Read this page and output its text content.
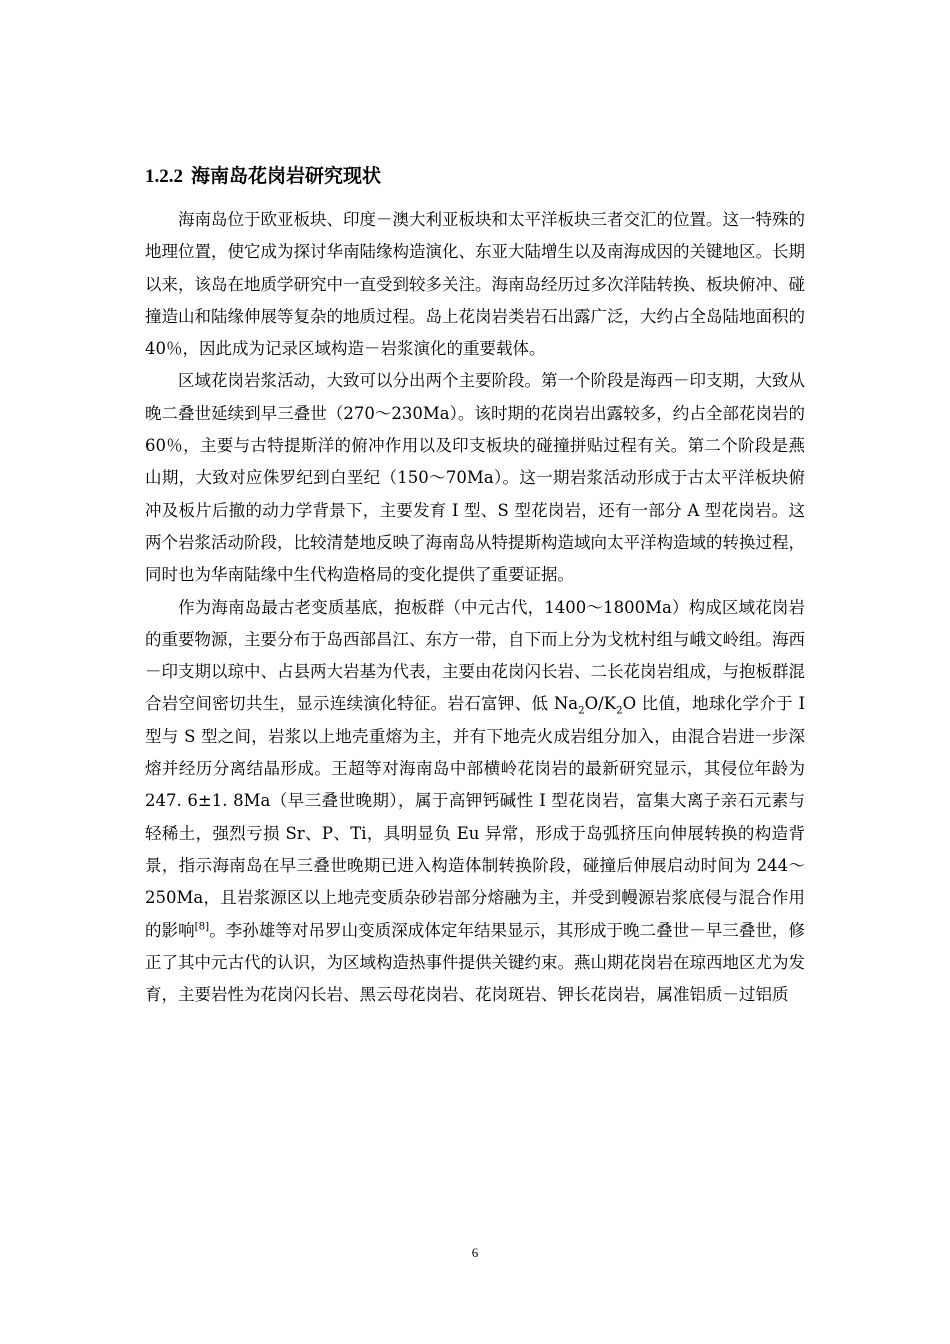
1.2.2 海南岛花岗岩研究现状

海南岛位于欧亚板块、印度－澳大利亚板块和太平洋板块三者交汇的位置。这一特殊的地理位置，使它成为探讨华南陆缘构造演化、东亚大陆增生以及南海成因的关键地区。长期以来，该岛在地质学研究中一直受到较多关注。海南岛经历过多次洋陆转换、板块俯冲、碰撞造山和陆缘伸展等复杂的地质过程。岛上花岗岩类岩石出露广泛，大约占全岛陆地面积的 40％，因此成为记录区域构造－岩浆演化的重要载体。

区域花岗岩浆活动，大致可以分出两个主要阶段。第一个阶段是海西－印支期，大致从晚二叠世延续到早三叠世（270～230Ma）。该时期的花岗岩出露较多，约占全部花岗岩的 60％，主要与古特提斯洋的俯冲作用以及印支板块的碰撞拼贴过程有关。第二个阶段是燕山期，大致对应侏罗纪到白垩纪（150～70Ma）。这一期岩浆活动形成于古太平洋板块俯冲及板片后撤的动力学背景下，主要发育 I 型、S 型花岗岩，还有一部分 A 型花岗岩。这两个岩浆活动阶段，比较清楚地反映了海南岛从特提斯构造域向太平洋构造域的转换过程，同时也为华南陆缘中生代构造格局的变化提供了重要证据。

作为海南岛最古老变质基底，抱板群（中元古代，1400～1800Ma）构成区域花岗岩的重要物源，主要分布于岛西部昌江、东方一带，自下而上分为戈枕村组与峨文岭组。海西－印支期以琼中、占县两大岩基为代表，主要由花岗闪长岩、二长花岗岩组成，与抱板群混合岩空间密切共生，显示连续演化特征。岩石富钾、低 $Na_2O/K_2O$ 比值，地球化学介于 I 型与 S 型之间，岩浆以上地壳重熔为主，并有下地壳火成岩组分加入，由混合岩进一步深熔并经历分离结晶形成。王超等对海南岛中部横岭花岗岩的最新研究显示，其侵位年龄为 247. 6±1. 8Ma（早三叠世晚期），属于高钾钙碱性 I 型花岗岩，富集大离子亲石元素与轻稀土，强烈亏损 Sr、P、Ti，具明显负 Eu 异常，形成于岛弧挤压向伸展转换的构造背景，指示海南岛在早三叠世晚期已进入构造体制转换阶段，碰撞后伸展启动时间为 244～250Ma，且岩浆源区以上地壳变质杂砂岩部分熔融为主，并受到幔源岩浆底侵与混合作用的影响[8]。李孙雄等对吊罗山变质深成体定年结果显示，其形成于晚二叠世－早三叠世，修正了其中元古代的认识，为区域构造热事件提供关键约束。燕山期花岗岩在琼西地区尤为发育，主要岩性为花岗闪长岩、黑云母花岗岩、花岗斑岩、钾长花岗岩，属准铝质－过铝质

6
